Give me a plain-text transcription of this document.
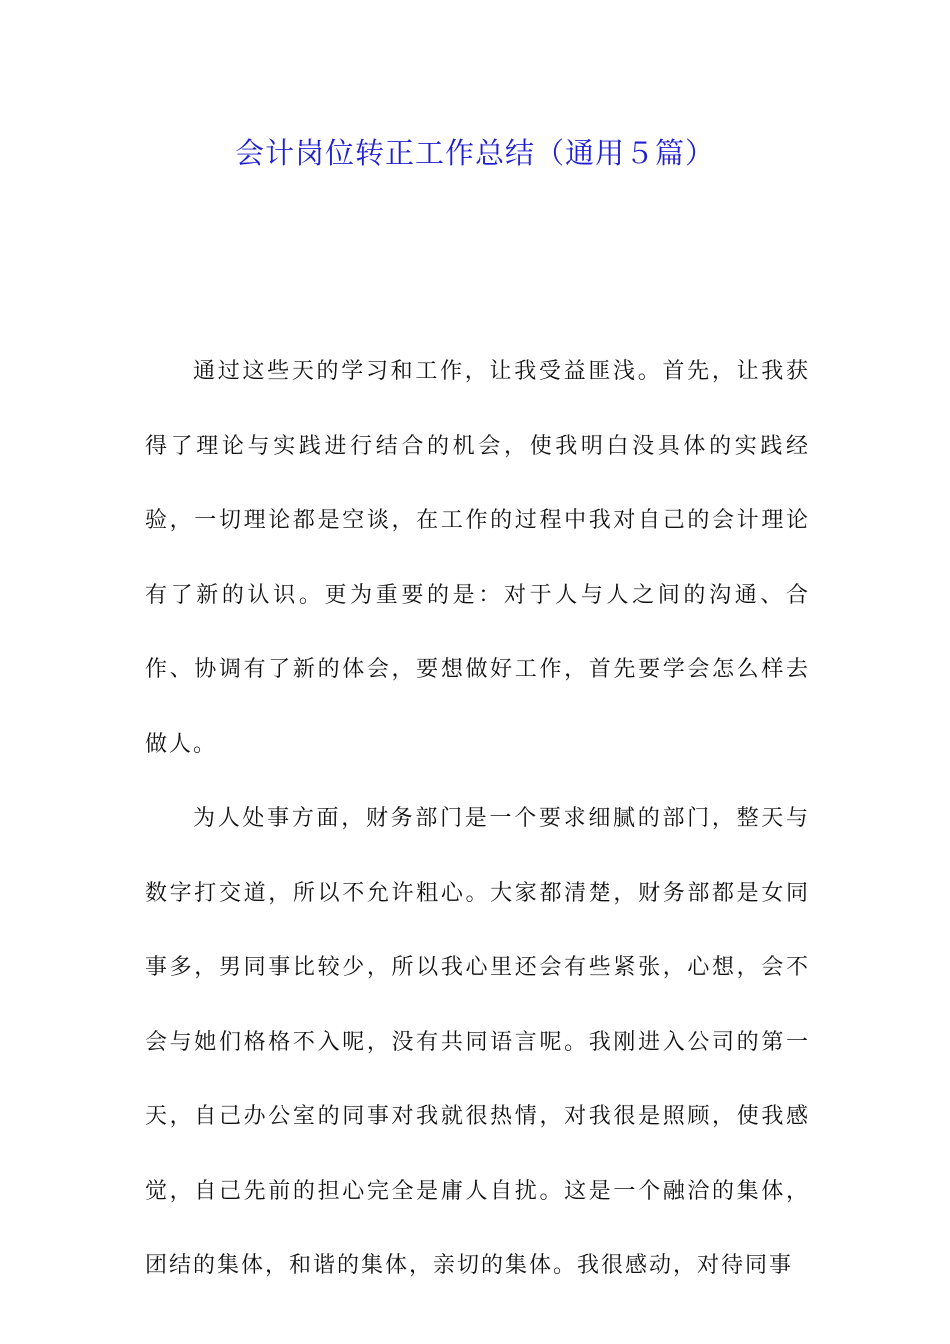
会计岗位转正工作总结（通用５篇）

通过这些天的学习和工作，让我受益匪浅。首先，让我获得了理论与实践进行结合的机会，使我明白没具体的实践经验，一切理论都是空谈，在工作的过程中我对自己的会计理论有了新的认识。更为重要的是：对于人与人之间的沟通、合作、协调有了新的体会，要想做好工作，首先要学会怎么样去做人。

为人处事方面，财务部门是一个要求细腻的部门，整天与数字打交道，所以不允许粗心。大家都清楚，财务部都是女同事多，男同事比较少，所以我心里还会有些紧张，心想，会不会与她们格格不入呢，没有共同语言呢。我刚进入公司的第一天，自己办公室的同事对我就很热情，对我很是照顾，使我感觉，自己先前的担心完全是庸人自扰。这是一个融洽的集体，团结的集体，和谐的集体，亲切的集体。我很感动，对待同事
